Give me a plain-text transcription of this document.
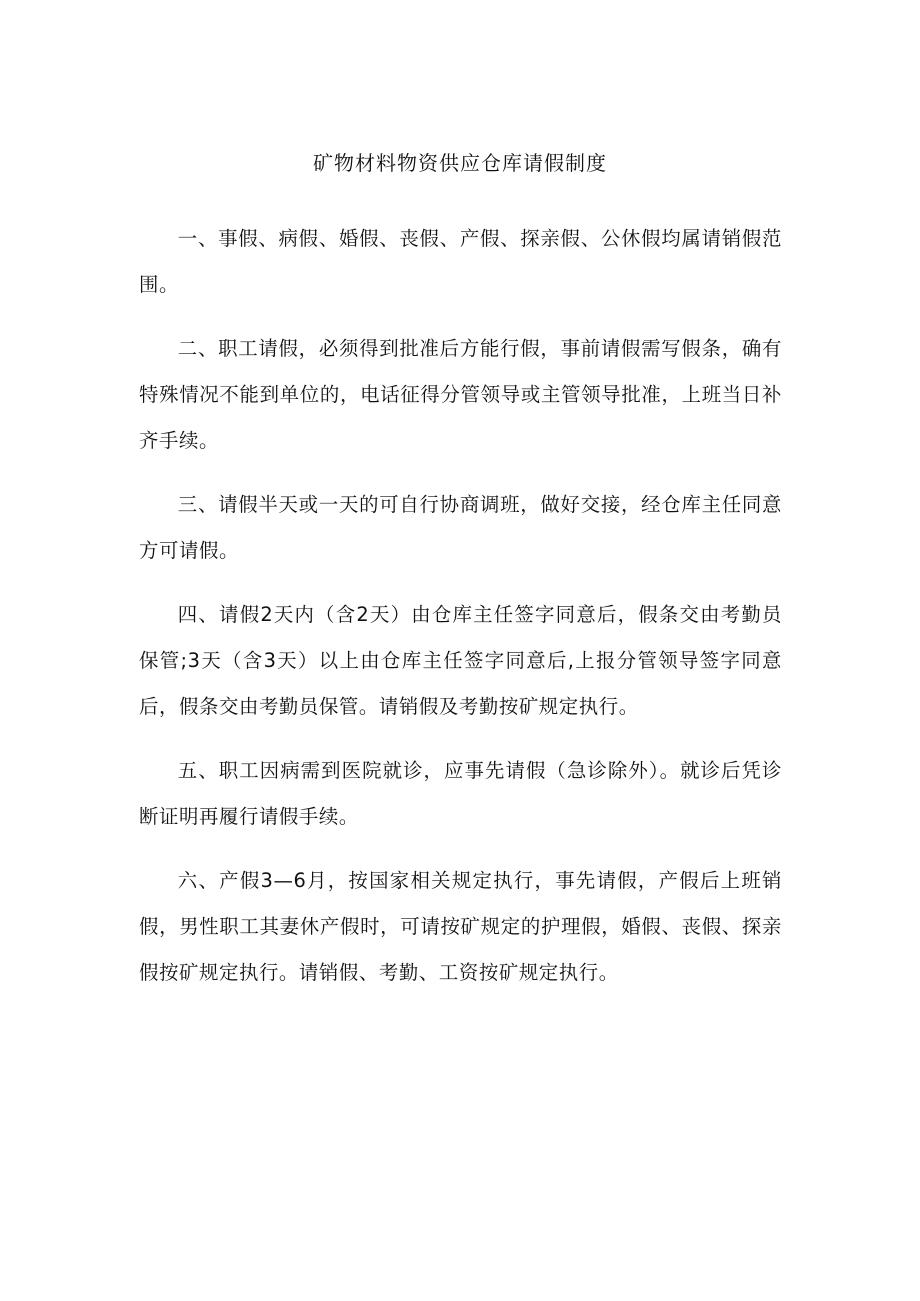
矿物材料物资供应仓库请假制度

一、事假、病假、婚假、丧假、产假、探亲假、公休假均属请销假范围。

二、职工请假，必须得到批准后方能行假，事前请假需写假条，确有特殊情况不能到单位的，电话征得分管领导或主管领导批准，上班当日补齐手续。

三、请假半天或一天的可自行协商调班，做好交接，经仓库主任同意方可请假。

四、请假2天内（含2天）由仓库主任签字同意后，假条交由考勤员保管;3天（含3天）以上由仓库主任签字同意后,上报分管领导签字同意后，假条交由考勤员保管。请销假及考勤按矿规定执行。

五、职工因病需到医院就诊，应事先请假（急诊除外）。就诊后凭诊断证明再履行请假手续。

六、产假3—6月，按国家相关规定执行，事先请假，产假后上班销假，男性职工其妻休产假时，可请按矿规定的护理假，婚假、丧假、探亲假按矿规定执行。请销假、考勤、工资按矿规定执行。
